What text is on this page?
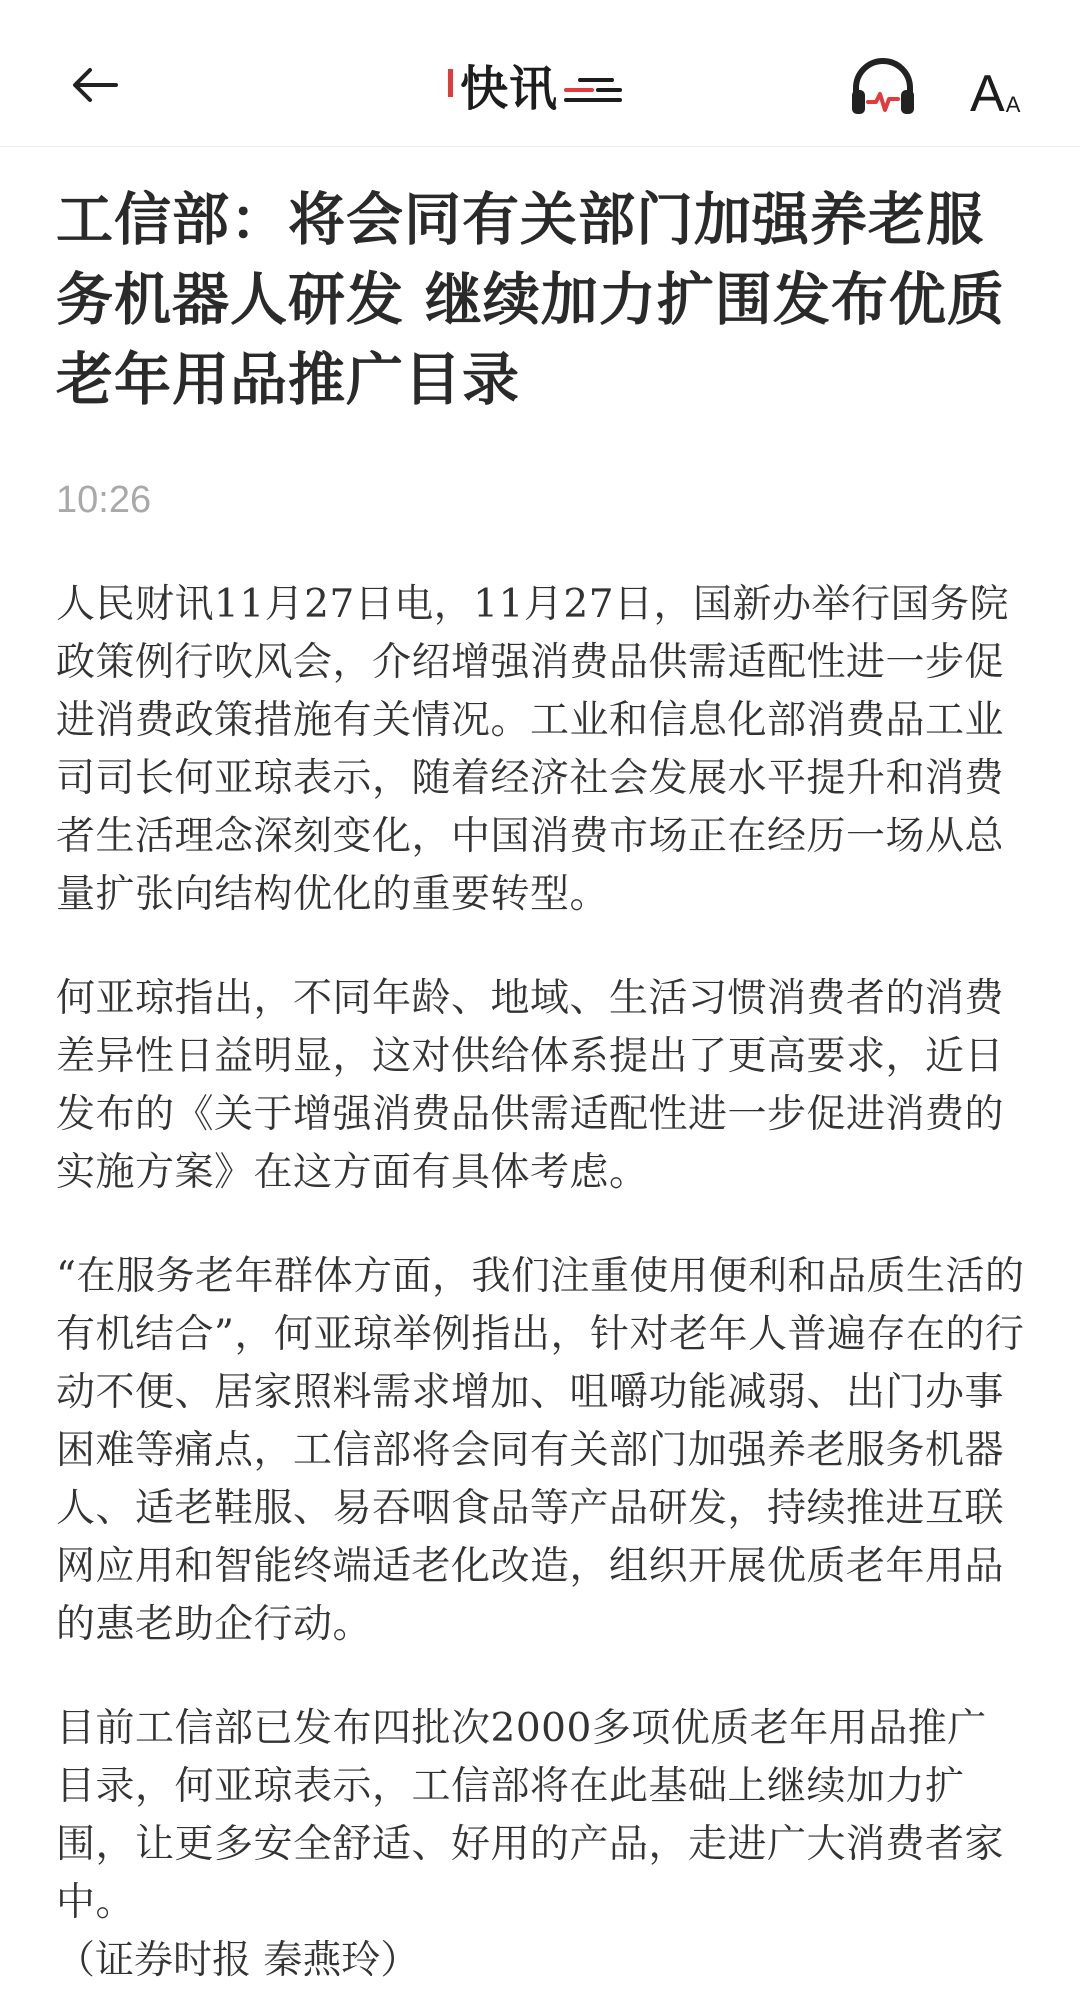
快讯	A A
工信部：将会同有关部门加强养老服务机器人研发 继续加力扩围发布优质老年用品推广目录
10:26

人民财讯11月27日电，11月27日，国新办举行国务院政策例行吹风会，介绍增强消费品供需适配性进一步促进消费政策措施有关情况。工业和信息化部消费品工业司司长何亚琼表示，随着经济社会发展水平提升和消费者生活理念深刻变化，中国消费市场正在经历一场从总量扩张向结构优化的重要转型。

何亚琼指出，不同年龄、地域、生活习惯消费者的消费差异性日益明显，这对供给体系提出了更高要求，近日发布的《关于增强消费品供需适配性进一步促进消费的实施方案》在这方面有具体考虑。

“在服务老年群体方面，我们注重使用便利和品质生活的有机结合”，何亚琼举例指出，针对老年人普遍存在的行动不便、居家照料需求增加、咀嚼功能减弱、出门办事困难等痛点，工信部将会同有关部门加强养老服务机器人、适老鞋服、易吞咽食品等产品研发，持续推进互联网应用和智能终端适老化改造，组织开展优质老年用品的惠老助企行动。

目前工信部已发布四批次2000多项优质老年用品推广目录，何亚琼表示，工信部将在此基础上继续加力扩围，让更多安全舒适、好用的产品，走进广大消费者家中。

（证券时报 秦燕玲）
